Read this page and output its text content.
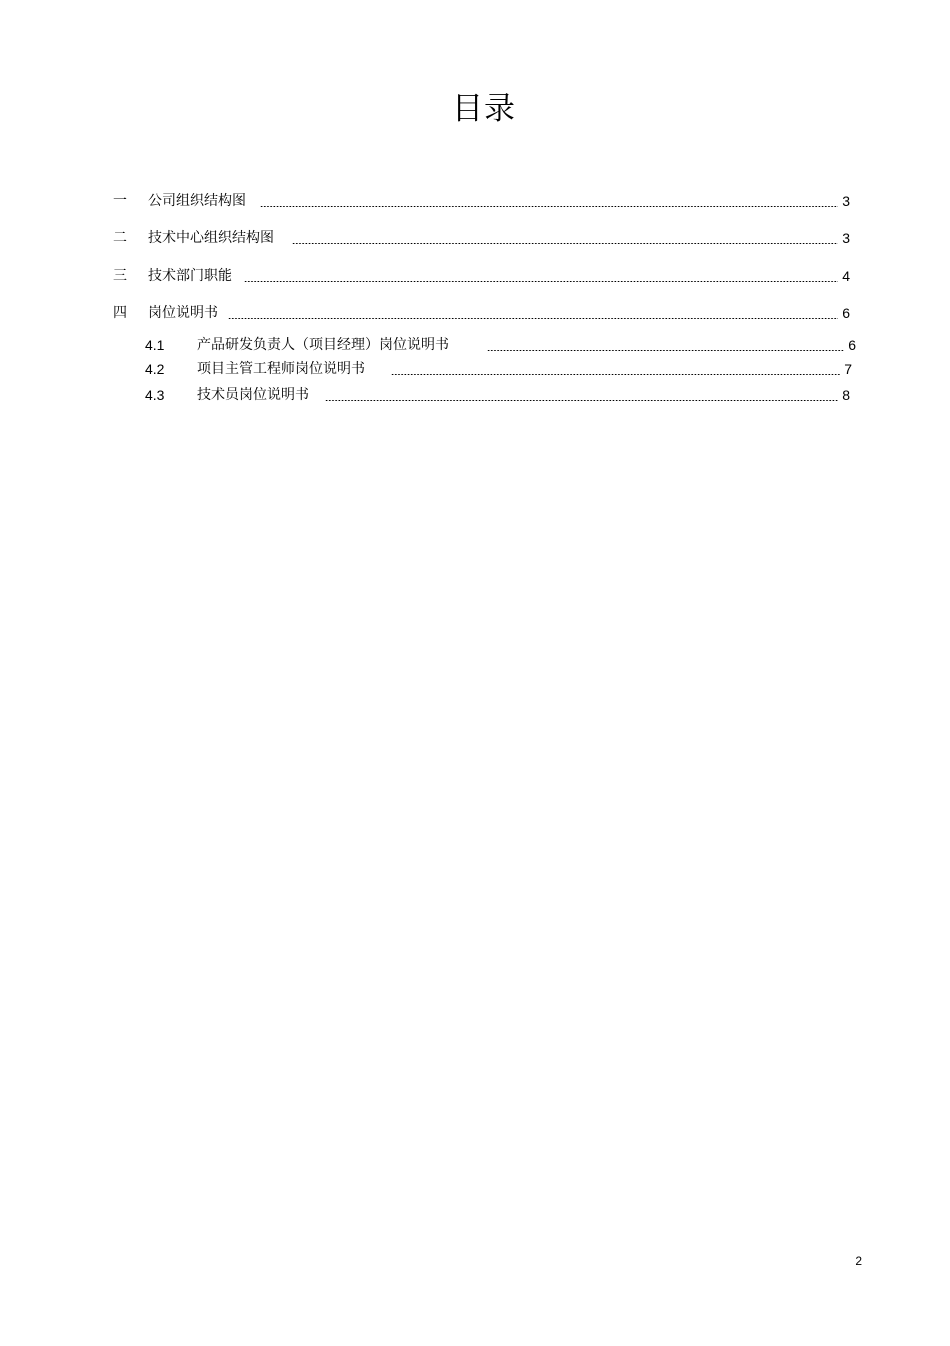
目录
一	公司组织结构图	3
二	技术中心组织结构图	3
三	技术部门职能	4
四	岗位说明书	6
4.1	产品研发负责人（项目经理）岗位说明书	6
4.2	项目主管工程师岗位说明书	7
4.3	技术员岗位说明书	8
2
